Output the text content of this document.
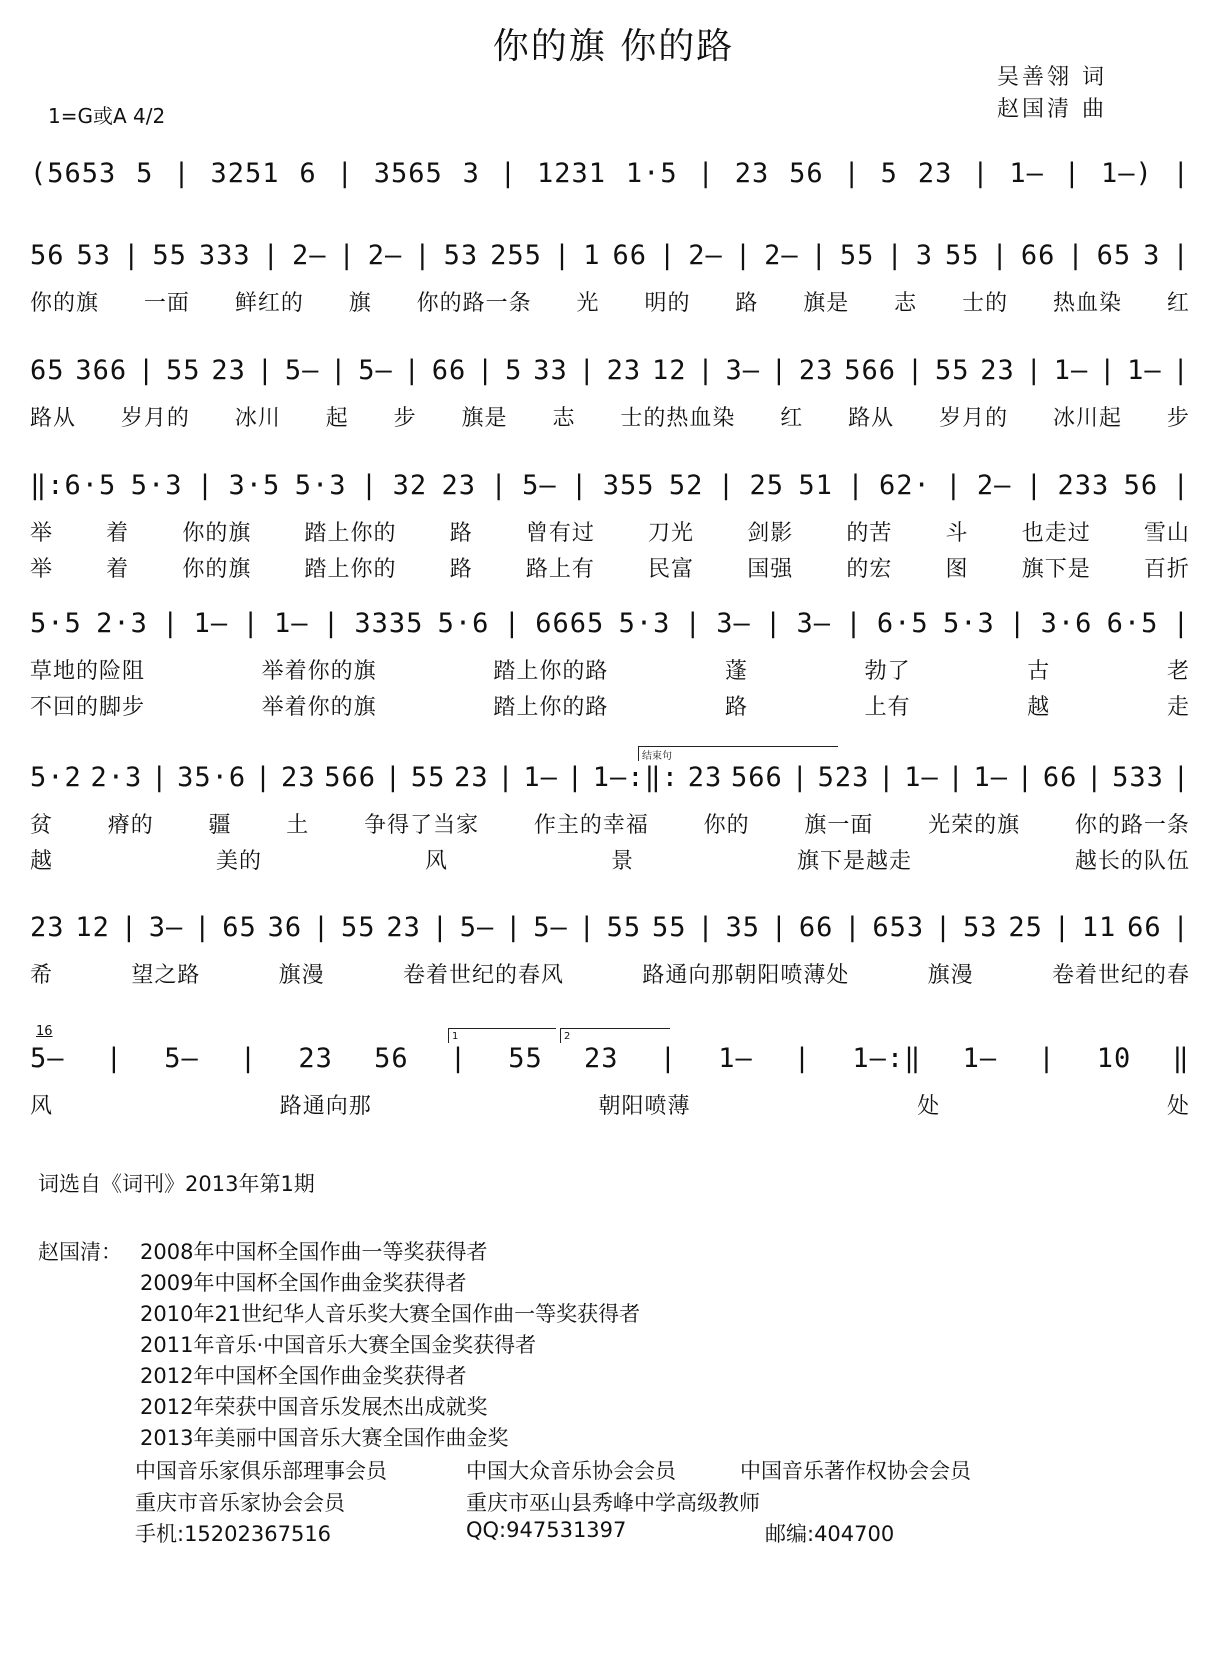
你的旗 你的路
吴善翎 词
赵国清 曲
1=G或A 4/2
(5653 5 | 3251 6 | 3565 3 | 1231 1·5 | 23 56 | 5 23 | 1— | 1—) |
56 53 | 55 333 | 2— | 2— | 53 255 | 1 66 | 2— | 2— | 55 | 3 55 | 66 | 65 3 |
你的旗 一面 鲜红的 旗 你的路一条 光 明的 路 旗是 志 士的 热血染 红
65 366 | 55 23 | 5— | 5— | 66 | 5 33 | 23 12 | 3— | 23 566 | 55 23 | 1— | 1— |
路从 岁月的 冰川 起 步 旗是 志 士的热血染 红 路从 岁月的 冰川起 步
‖:6·5 5·3 | 3·5 5·3 | 32 23 | 5— | 355 52 | 25 51 | 62· | 2— | 233 56 |
举 着 你的旗 踏上你的 路 曾有过 刀光 剑影 的苦 斗 也走过 雪山
举 着 你的旗 踏上你的 路 路上有 民富 国强 的宏 图 旗下是 百折
5·5 2·3 | 1— | 1— | 3335 5·6 | 6665 5·3 | 3— | 3— | 6·5 5·3 | 3·6 6·5 |
草地的险阻	举着你的旗	踏上你的路	蓬	勃了	古	老
不回的脚步	举着你的旗	踏上你的路	路	上有	越	走
5·2 2·3 | 35·6 | 23 566 | 55 23 | 1— | 1—:‖: 23 566 | 523 | 1— | 1— | 66 | 533 |
贫 瘠的 疆 土 争得了当家 作主的幸福 你的 旗一面 光荣的旗 你的路一条
越	美的	风	景	旗下是越走	越长的队伍
23 12 | 3— | 65 36 | 55 23 | 5— | 5— | 55 55 | 35 | 66 | 653 | 53 25 | 11 66 |
希	望之路	旗漫	卷着世纪的春风	路通向那朝阳喷薄处	旗漫	卷着世纪的春
5— | 5— | 23 56 | 55 23 | 1— | 1—:‖ 1— | 10 ‖
风	路通向那	朝阳喷薄	处	处
结束句
16	1	2
词选自《词刊》2013年第1期
赵国清： 2008年中国杯全国作曲一等奖获得者
2009年中国杯全国作曲金奖获得者
2010年21世纪华人音乐奖大赛全国作曲一等奖获得者
2011年音乐·中国音乐大赛全国金奖获得者
2012年中国杯全国作曲金奖获得者
2012年荣获中国音乐发展杰出成就奖
2013年美丽中国音乐大赛全国作曲金奖
中国音乐家俱乐部理事会员	中国大众音乐协会会员	中国音乐著作权协会会员
重庆市音乐家协会会员	重庆市巫山县秀峰中学高级教师
手机:15202367516	QQ:947531397	邮编:404700
